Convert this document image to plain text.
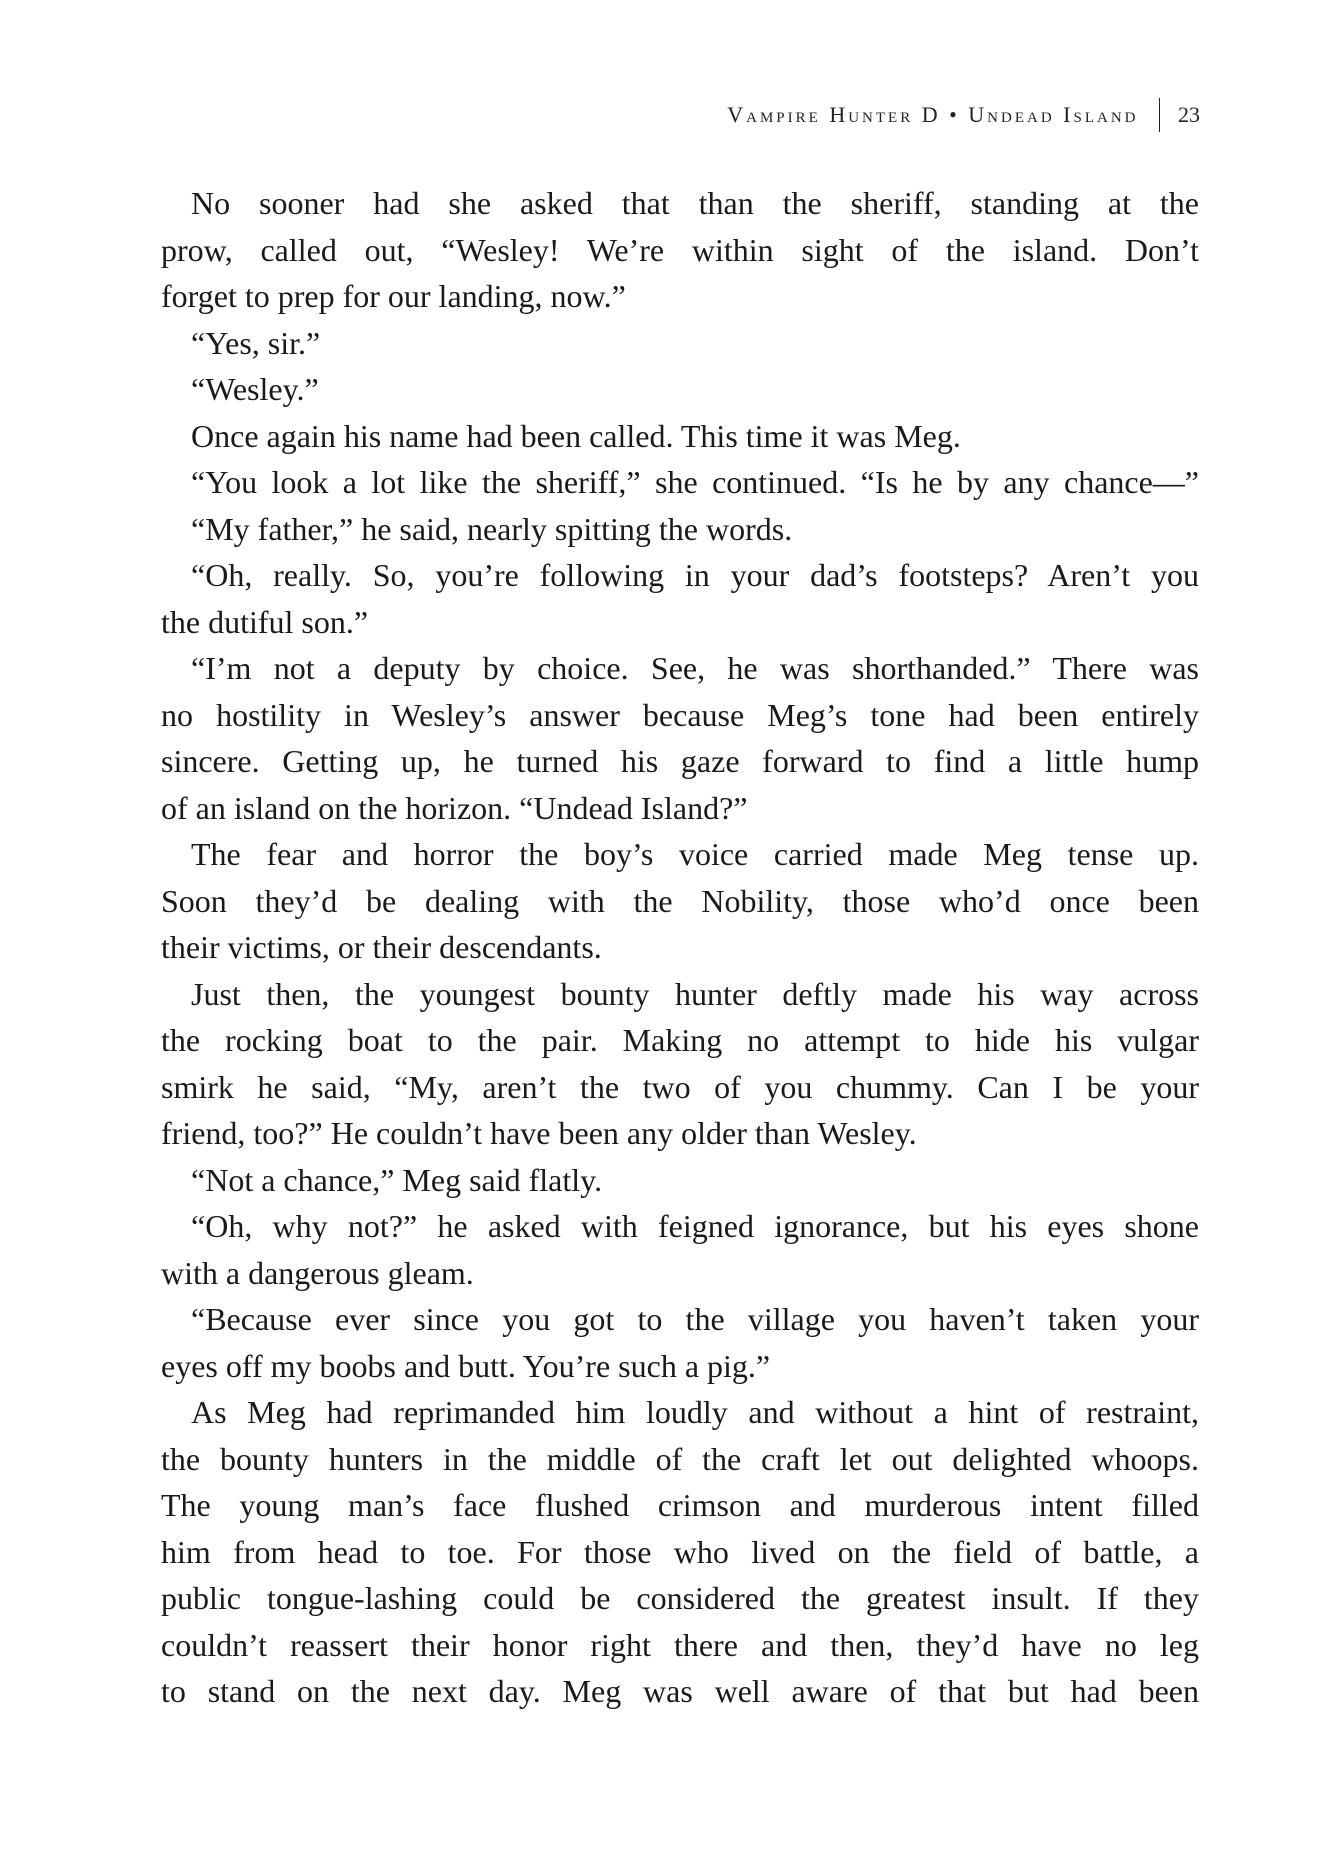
Vampire Hunter D • Undead Island	23
No sooner had she asked that than the sheriff, standing at the
prow, called out, “Wesley! We’re within sight of the island. Don’t
forget to prep for our landing, now.”
“Yes, sir.”
“Wesley.”
Once again his name had been called. This time it was Meg.
“You look a lot like the sheriff,” she continued. “Is he by any chance—”
“My father,” he said, nearly spitting the words.
“Oh, really. So, you’re following in your dad’s footsteps? Aren’t you
the dutiful son.”
“I’m not a deputy by choice. See, he was shorthanded.” There was
no hostility in Wesley’s answer because Meg’s tone had been entirely
sincere. Getting up, he turned his gaze forward to find a little hump
of an island on the horizon. “Undead Island?”
The fear and horror the boy’s voice carried made Meg tense up.
Soon they’d be dealing with the Nobility, those who’d once been
their victims, or their descendants.
Just then, the youngest bounty hunter deftly made his way across
the rocking boat to the pair. Making no attempt to hide his vulgar
smirk he said, “My, aren’t the two of you chummy. Can I be your
friend, too?” He couldn’t have been any older than Wesley.
“Not a chance,” Meg said flatly.
“Oh, why not?” he asked with feigned ignorance, but his eyes shone
with a dangerous gleam.
“Because ever since you got to the village you haven’t taken your
eyes off my boobs and butt. You’re such a pig.”
As Meg had reprimanded him loudly and without a hint of restraint,
the bounty hunters in the middle of the craft let out delighted whoops.
The young man’s face flushed crimson and murderous intent filled
him from head to toe. For those who lived on the field of battle, a
public tongue-lashing could be considered the greatest insult. If they
couldn’t reassert their honor right there and then, they’d have no leg
to stand on the next day. Meg was well aware of that but had been
